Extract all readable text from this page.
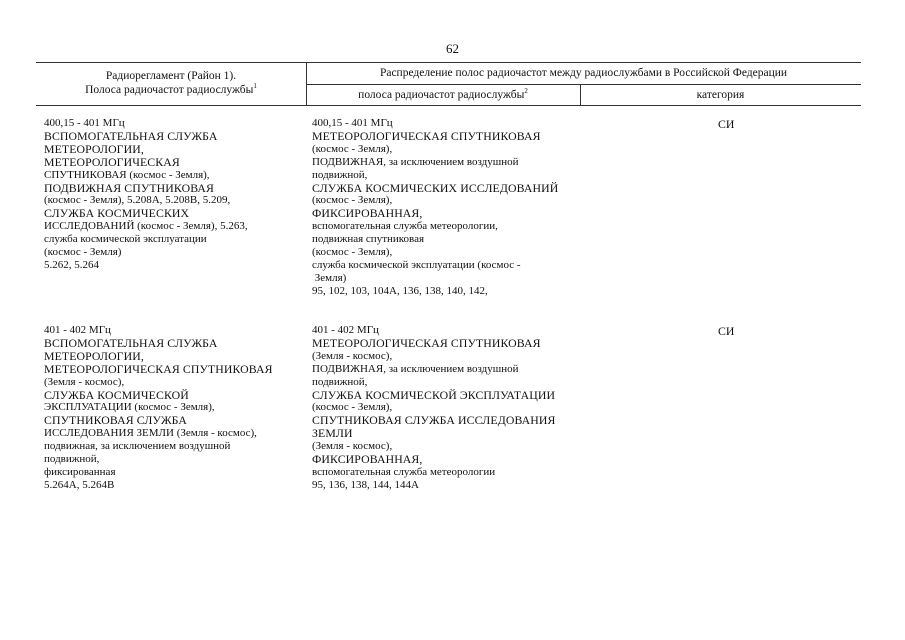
62
Радиорегламент (Район 1).
Полоса радиочастот радиослужбы$^1$
Распределение полос радиочастот между радиослужбами в Российской Федерации
полоса радиочастот радиослужбы$^2$	категория
400,15 - 401 МГц
ВСПОМОГАТЕЛЬНАЯ СЛУЖБА
МЕТЕОРОЛОГИИ,
МЕТЕОРОЛОГИЧЕСКАЯ
СПУТНИКОВАЯ (космос - Земля),
ПОДВИЖНАЯ СПУТНИКОВАЯ
(космос - Земля), 5.208A, 5.208B, 5.209,
СЛУЖБА КОСМИЧЕСКИХ
ИССЛЕДОВАНИЙ (космос - Земля), 5.263,
служба космической эксплуатации
(космос - Земля)
5.262, 5.264
400,15 - 401 МГц
МЕТЕОРОЛОГИЧЕСКАЯ СПУТНИКОВАЯ
(космос - Земля),
ПОДВИЖНАЯ, за исключением воздушной
подвижной,
СЛУЖБА КОСМИЧЕСКИХ ИССЛЕДОВАНИЙ
(космос - Земля),
ФИКСИРОВАННАЯ,
вспомогательная служба метеорологии,
подвижная спутниковая
(космос - Земля),
служба космической эксплуатации (космос -
Земля)
95, 102, 103, 104A, 136, 138, 140, 142,
СИ
401 - 402 МГц
ВСПОМОГАТЕЛЬНАЯ СЛУЖБА
МЕТЕОРОЛОГИИ,
МЕТЕОРОЛОГИЧЕСКАЯ СПУТНИКОВАЯ
(Земля - космос),
СЛУЖБА КОСМИЧЕСКОЙ
ЭКСПЛУАТАЦИИ (космос - Земля),
СПУТНИКОВАЯ СЛУЖБА
ИССЛЕДОВАНИЯ ЗЕМЛИ (Земля - космос),
подвижная, за исключением воздушной
подвижной,
фиксированная
5.264A, 5.264B
401 - 402 МГц
МЕТЕОРОЛОГИЧЕСКАЯ СПУТНИКОВАЯ
(Земля - космос),
ПОДВИЖНАЯ, за исключением воздушной
подвижной,
СЛУЖБА КОСМИЧЕСКОЙ ЭКСПЛУАТАЦИИ
(космос - Земля),
СПУТНИКОВАЯ СЛУЖБА ИССЛЕДОВАНИЯ
ЗЕМЛИ
(Земля - космос),
ФИКСИРОВАННАЯ,
вспомогательная служба метеорологии
95, 136, 138, 144, 144A
СИ
